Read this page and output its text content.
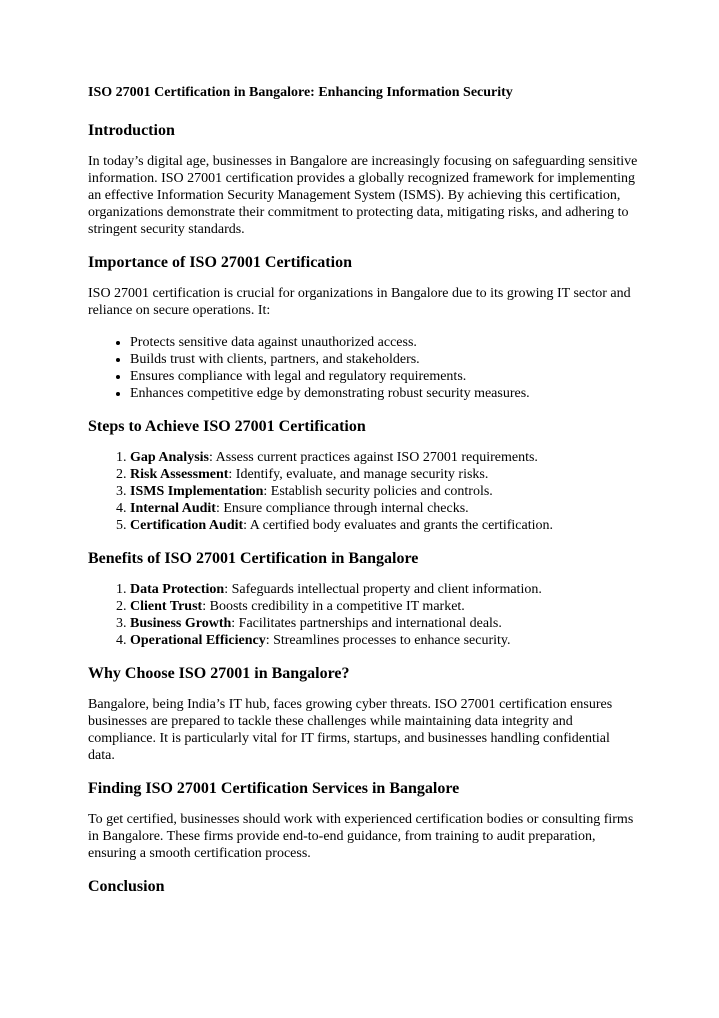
ISO 27001 Certification in Bangalore: Enhancing Information Security
Introduction

In today’s digital age, businesses in Bangalore are increasingly focusing on safeguarding sensitive information. ISO 27001 certification provides a globally recognized framework for implementing an effective Information Security Management System (ISMS). By achieving this certification, organizations demonstrate their commitment to protecting data, mitigating risks, and adhering to stringent security standards.

Importance of ISO 27001 Certification

ISO 27001 certification is crucial for organizations in Bangalore due to its growing IT sector and reliance on secure operations. It:

• Protects sensitive data against unauthorized access.
• Builds trust with clients, partners, and stakeholders.
• Ensures compliance with legal and regulatory requirements.
• Enhances competitive edge by demonstrating robust security measures.
Steps to Achieve ISO 27001 Certification
1. Gap Analysis: Assess current practices against ISO 27001 requirements.
2. Risk Assessment: Identify, evaluate, and manage security risks.
3. ISMS Implementation: Establish security policies and controls.
4. Internal Audit: Ensure compliance through internal checks.
5. Certification Audit: A certified body evaluates and grants the certification.
Benefits of ISO 27001 Certification in Bangalore
1. Data Protection: Safeguards intellectual property and client information.
2. Client Trust: Boosts credibility in a competitive IT market.
3. Business Growth: Facilitates partnerships and international deals.
4. Operational Efficiency: Streamlines processes to enhance security.
Why Choose ISO 27001 in Bangalore?

Bangalore, being India’s IT hub, faces growing cyber threats. ISO 27001 certification ensures businesses are prepared to tackle these challenges while maintaining data integrity and compliance. It is particularly vital for IT firms, startups, and businesses handling confidential data.

Finding ISO 27001 Certification Services in Bangalore

To get certified, businesses should work with experienced certification bodies or consulting firms in Bangalore. These firms provide end-to-end guidance, from training to audit preparation, ensuring a smooth certification process.

Conclusion
